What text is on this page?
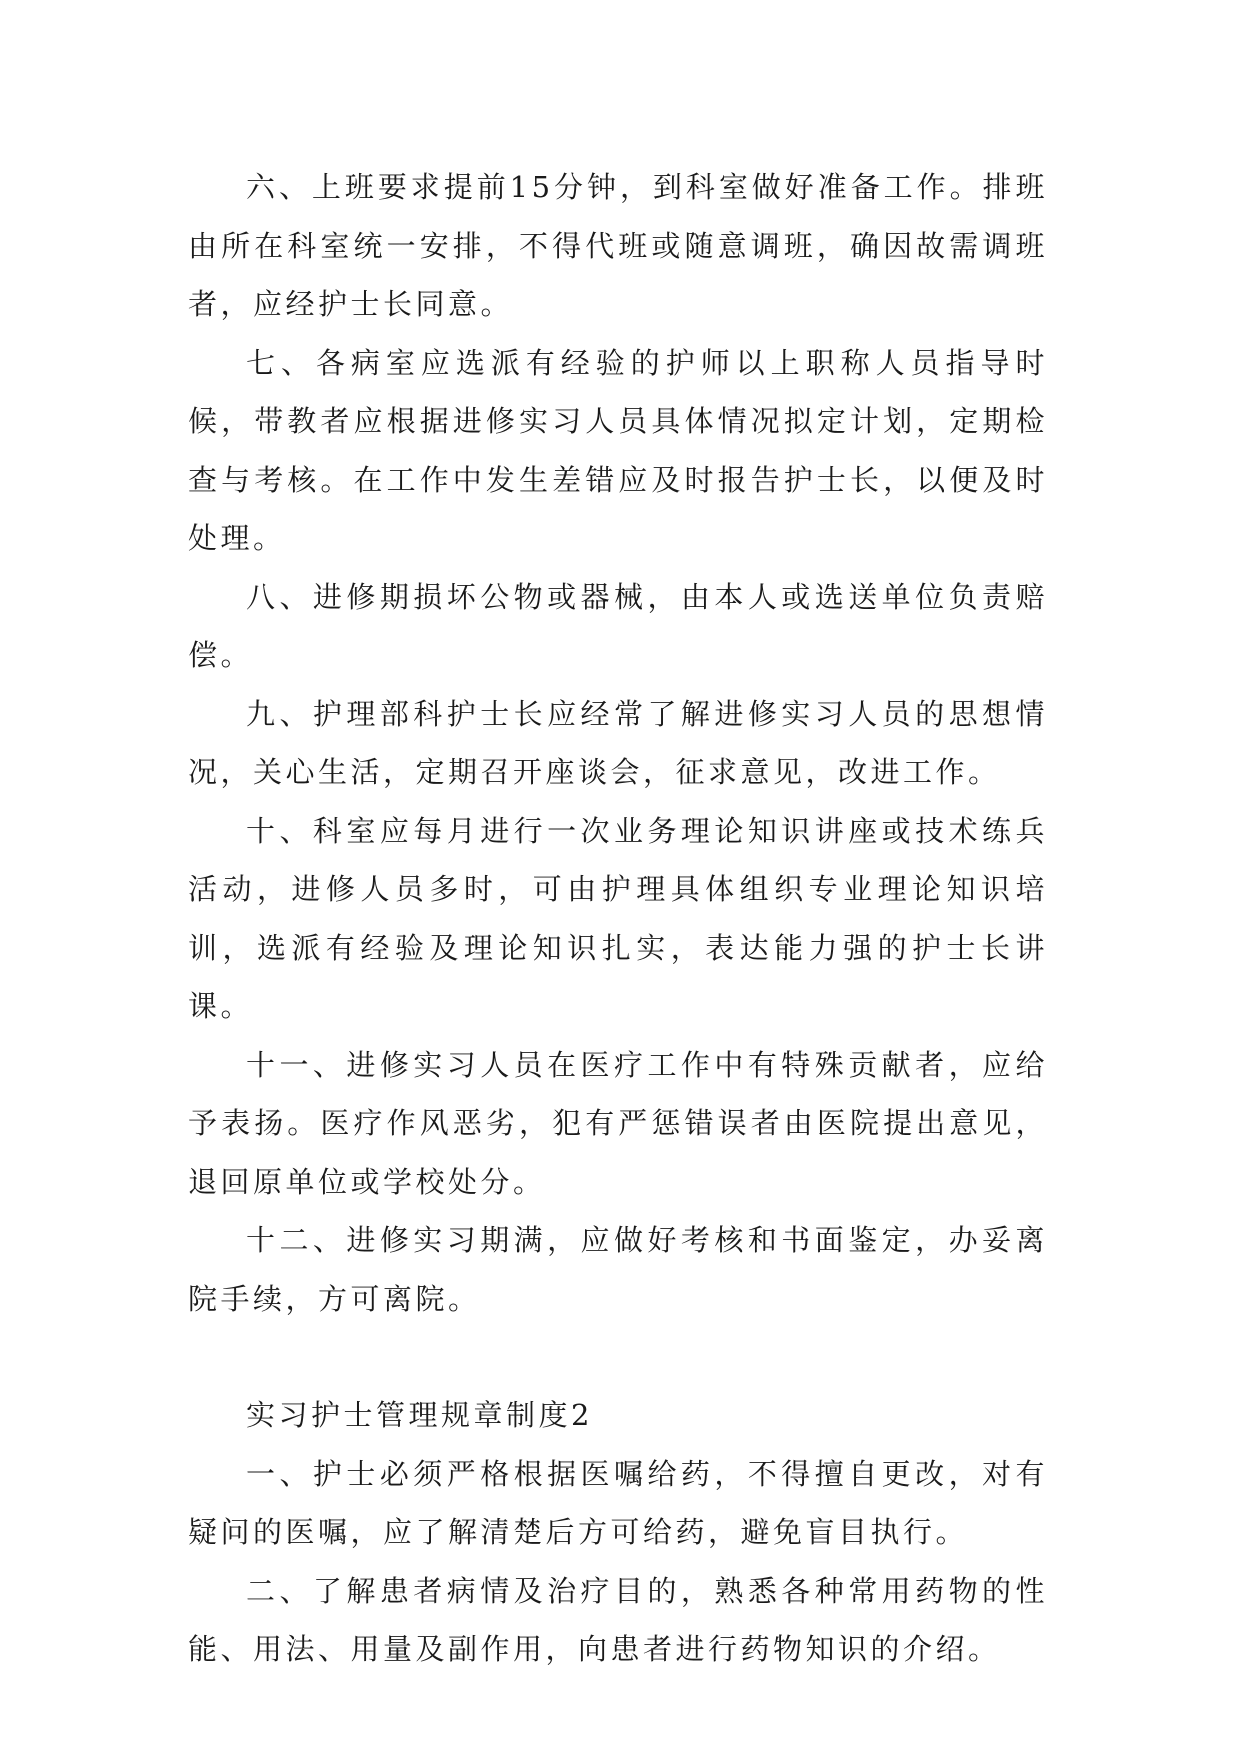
六、上班要求提前15分钟，到科室做好准备工作。排班由所在科室统一安排，不得代班或随意调班，确因故需调班者，应经护士长同意。

七、各病室应选派有经验的护师以上职称人员指导时候，带教者应根据进修实习人员具体情况拟定计划，定期检查与考核。在工作中发生差错应及时报告护士长，以便及时处理。

八、进修期损坏公物或器械，由本人或选送单位负责赔偿。

九、护理部科护士长应经常了解进修实习人员的思想情况，关心生活，定期召开座谈会，征求意见，改进工作。

十、科室应每月进行一次业务理论知识讲座或技术练兵活动，进修人员多时，可由护理具体组织专业理论知识培训，选派有经验及理论知识扎实，表达能力强的护士长讲课。

十一、进修实习人员在医疗工作中有特殊贡献者，应给予表扬。医疗作风恶劣，犯有严惩错误者由医院提出意见，退回原单位或学校处分。

十二、进修实习期满，应做好考核和书面鉴定，办妥离院手续，方可离院。

实习护士管理规章制度2

一、护士必须严格根据医嘱给药，不得擅自更改，对有疑问的医嘱，应了解清楚后方可给药，避免盲目执行。

二、了解患者病情及治疗目的，熟悉各种常用药物的性能、用法、用量及副作用，向患者进行药物知识的介绍。
